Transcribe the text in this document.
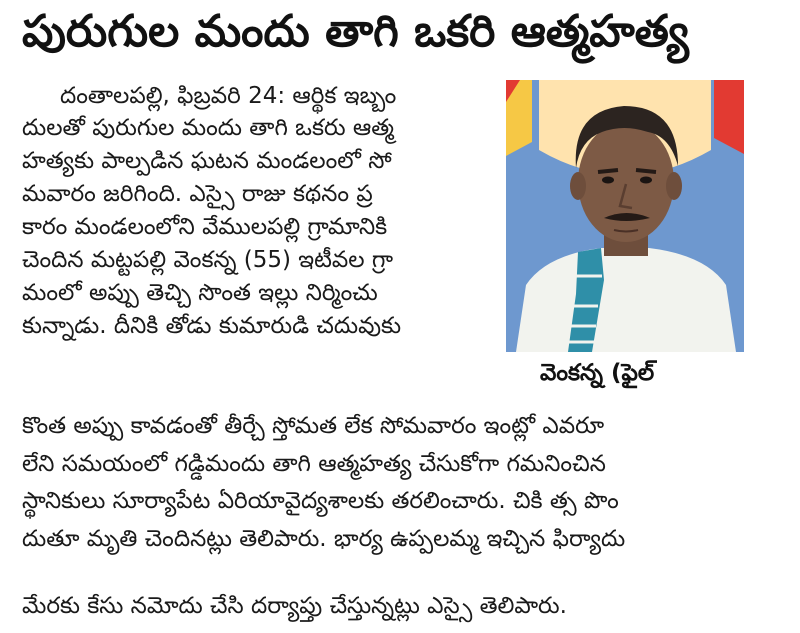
పురుగుల మందు తాగి ఒకరి ఆత్మహత్య
దంతాలపల్లి, ఫిబ్రవరి 24: ఆర్థిక ఇబ్బం
దులతో పురుగుల మందు తాగి ఒకరు ఆత్మ
హత్యకు పాల్పడిన ఘటన మండలంలో సో
మవారం జరిగింది. ఎస్సై రాజు కథనం ప్ర
కారం మండలంలోని వేములపల్లి గ్రామానికి
చెందిన మట్టపల్లి వెంకన్న (55) ఇటీవల గ్రా
మంలో అప్పు తెచ్చి సొంత ఇల్లు నిర్మించు
కున్నాడు. దీనికి తోడు కుమారుడి చదువుకు
కొంత అప్పు కావడంతో తీర్చే స్తోమత లేక సోమవారం ఇంట్లో ఎవరూ
లేని సమయంలో గడ్డిమందు తాగి ఆత్మహత్య చేసుకోగా గమనించిన
స్థానికులు సూర్యాపేట ఏరియావైద్యశాలకు తరలించారు. చికి త్స పొం
దుతూ మృతి చెందినట్లు తెలిపారు. భార్య ఉప్పలమ్మ ఇచ్చిన ఫిర్యాదు
మేరకు కేసు నమోదు చేసి దర్యాప్తు చేస్తున్నట్లు ఎస్సై తెలిపారు.
వెంకన్న (ఫైల్
